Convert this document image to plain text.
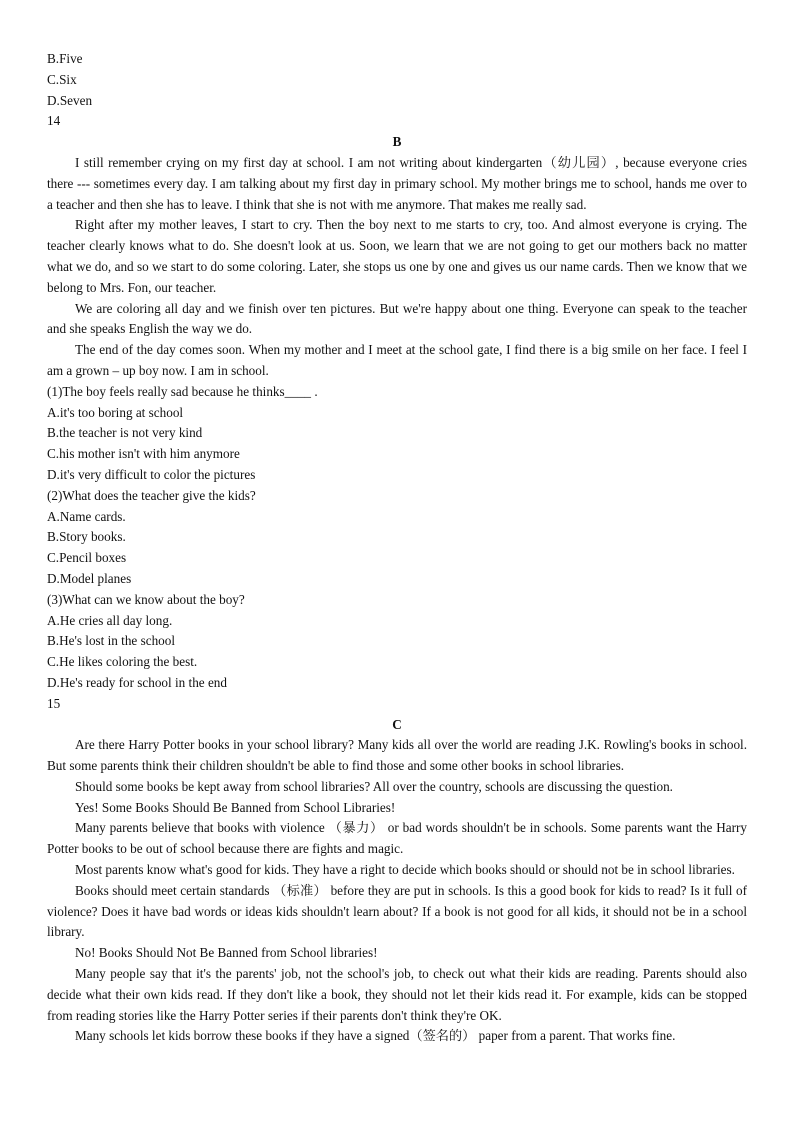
B.Five

C.Six

D.Seven

14

B

I still remember crying on my first day at school. I am not writing about kindergarten（幼儿园）, because everyone cries there --- sometimes every day. I am talking about my first day in primary school. My mother brings me to school, hands me over to a teacher and then she has to leave. I think that she is not with me anymore. That makes me really sad.

Right after my mother leaves, I start to cry. Then the boy next to me starts to cry, too. And almost everyone is crying. The teacher clearly knows what to do. She doesn't look at us. Soon, we learn that we are not going to get our mothers back no matter what we do, and so we start to do some coloring. Later, she stops us one by one and gives us our name cards. Then we know that we belong to Mrs. Fon, our teacher.

We are coloring all day and we finish over ten pictures. But we're happy about one thing. Everyone can speak to the teacher and she speaks English the way we do.

The end of the day comes soon. When my mother and I meet at the school gate, I find there is a big smile on her face. I feel I am a grown – up boy now. I am in school.

(1)The boy feels really sad because he thinks____ .

A.it's too boring at school

B.the teacher is not very kind

C.his mother isn't with him anymore

D.it's very difficult to color the pictures

(2)What does the teacher give the kids?

A.Name cards.

B.Story books.

C.Pencil boxes

D.Model planes

(3)What can we know about the boy?

A.He cries all day long.

B.He's lost in the school

C.He likes coloring the best.

D.He's ready for school in the end

15

C

Are there Harry Potter books in your school library? Many kids all over the world are reading J.K. Rowling's books in school. But some parents think their children shouldn't be able to find those and some other books in school libraries.

Should some books be kept away from school libraries? All over the country, schools are discussing the question.

Yes! Some Books Should Be Banned from School Libraries!

Many parents believe that books with violence （暴力） or bad words shouldn't be in schools. Some parents want the Harry Potter books to be out of school because there are fights and magic.

Most parents know what's good for kids. They have a right to decide which books should or should not be in school libraries.

Books should meet certain standards （标准） before they are put in schools. Is this a good book for kids to read? Is it full of violence? Does it have bad words or ideas kids shouldn't learn about? If a book is not good for all kids, it should not be in a school library.

No! Books Should Not Be Banned from School libraries!

Many people say that it's the parents' job, not the school's job, to check out what their kids are reading. Parents should also decide what their own kids read. If they don't like a book, they should not let their kids read it. For example, kids can be stopped from reading stories like the Harry Potter series if their parents don't think they're OK.

Many schools let kids borrow these books if they have a signed（签名的） paper from a parent. That works fine.
